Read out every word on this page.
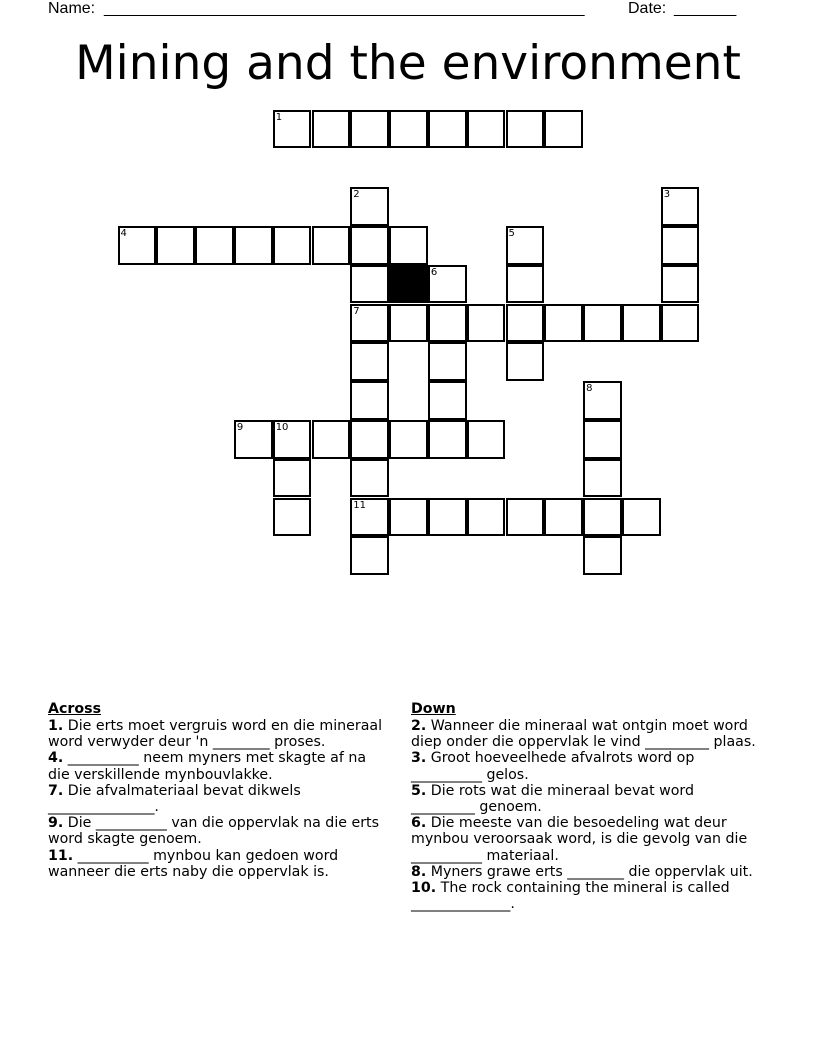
Name: ______________________________________________________	Date: _______
Mining and the environment
1
2	3
4	5
6
7
8
9	10
11
Across
1. Die erts moet vergruis word en die mineraal word verwyder deur 'n ________ proses.
4. __________ neem myners met skagte af na die verskillende mynbouvlakke.
7. Die afvalmateriaal bevat dikwels _______________.
9. Die __________ van die oppervlak na die erts word skagte genoem.
11. __________ mynbou kan gedoen word wanneer die erts naby die oppervlak is.
Down
2. Wanneer die mineraal wat ontgin moet word diep onder die oppervlak le vind _________ plaas.
3. Groot hoeveelhede afvalrots word op __________ gelos.
5. Die rots wat die mineraal bevat word _________ genoem.
6. Die meeste van die besoedeling wat deur mynbou veroorsaak word, is die gevolg van die __________ materiaal.
8. Myners grawe erts ________ die oppervlak uit.
10. The rock containing the mineral is called ______________.
